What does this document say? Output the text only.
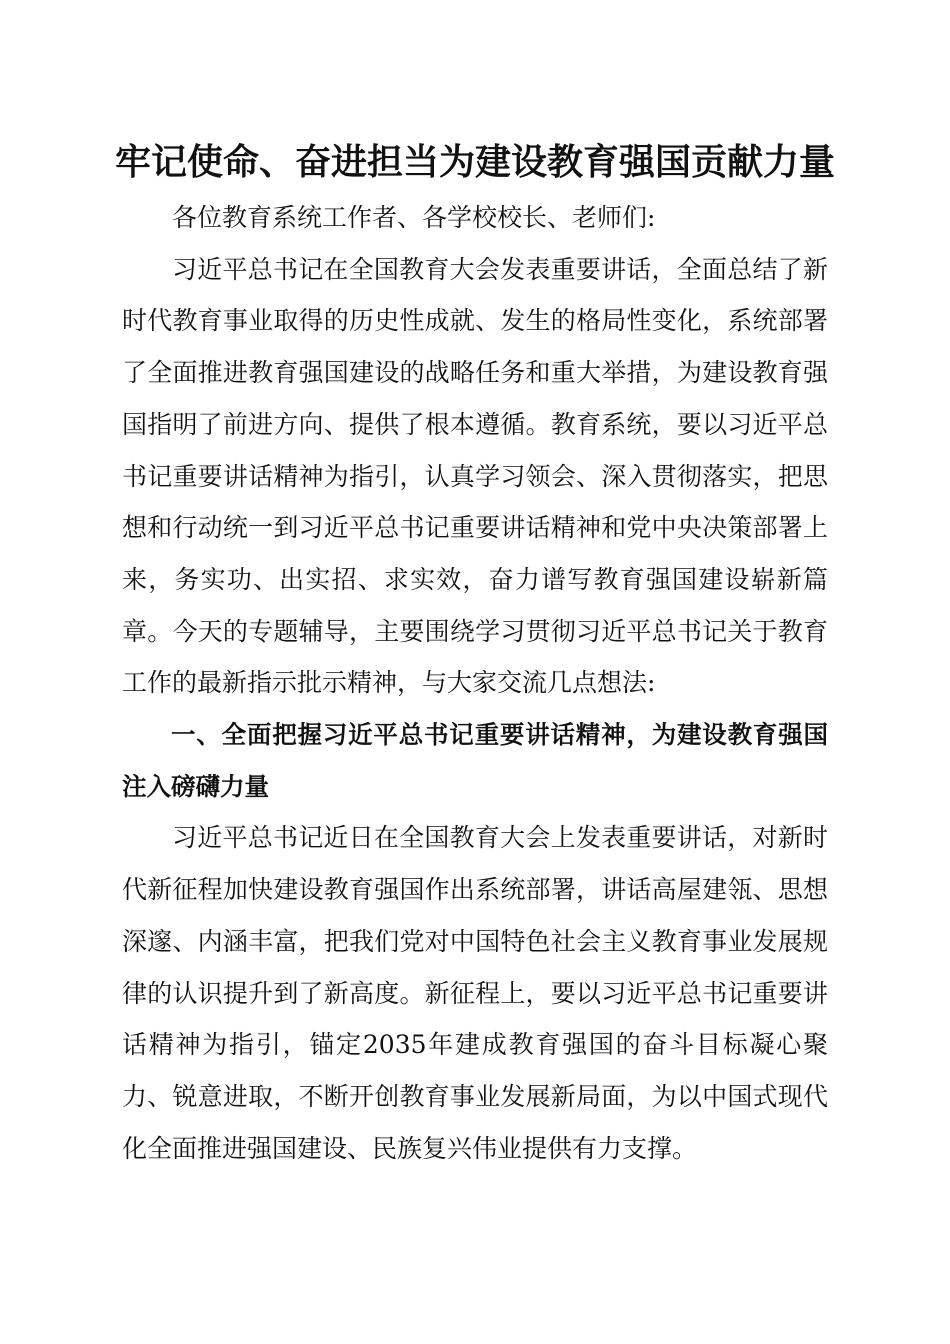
牢记使命、奋进担当为建设教育强国贡献力量

各位教育系统工作者、各学校校长、老师们:

习近平总书记在全国教育大会发表重要讲话，全面总结了新时代教育事业取得的历史性成就、发生的格局性变化，系统部署了全面推进教育强国建设的战略任务和重大举措，为建设教育强国指明了前进方向、提供了根本遵循。教育系统，要以习近平总书记重要讲话精神为指引，认真学习领会、深入贯彻落实，把思想和行动统一到习近平总书记重要讲话精神和党中央决策部署上来，务实功、出实招、求实效，奋力谱写教育强国建设崭新篇章。今天的专题辅导，主要围绕学习贯彻习近平总书记关于教育工作的最新指示批示精神，与大家交流几点想法:

一、全面把握习近平总书记重要讲话精神，为建设教育强国注入磅礴力量

习近平总书记近日在全国教育大会上发表重要讲话，对新时代新征程加快建设教育强国作出系统部署，讲话高屋建瓴、思想深邃、内涵丰富，把我们党对中国特色社会主义教育事业发展规律的认识提升到了新高度。新征程上，要以习近平总书记重要讲话精神为指引，锚定2035年建成教育强国的奋斗目标凝心聚力、锐意进取，不断开创教育事业发展新局面，为以中国式现代化全面推进强国建设、民族复兴伟业提供有力支撑。
